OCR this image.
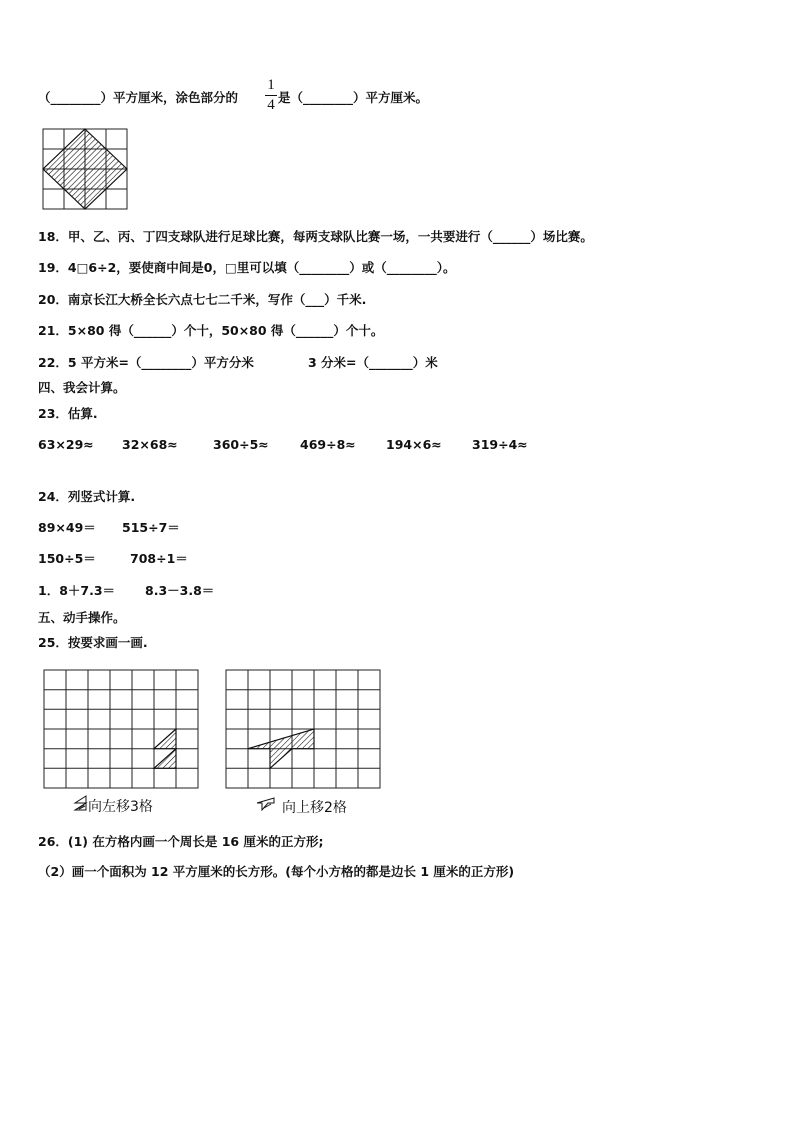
（________）平方厘米，涂色部分的
1
4 是（________）平方厘米。
18．甲、乙、丙、丁四支球队进行足球比赛，每两支球队比赛一场，一共要进行（______）场比赛。
19．4□6÷2，要使商中间是0，□里可以填（________）或（________）。
20．南京长江大桥全长六点七七二千米，写作（___）千米.
21．5×80 得（______）个十，50×80 得（______）个十。
22．5 平方米=（________）平方分米	3 分米=（_______）米
四、我会计算。
23．估算.
63×29≈ 32×68≈	360÷5≈	469÷8≈ 194×6≈ 319÷4≈
24．列竖式计算.
89×49＝ 515÷7＝
150÷5＝	708÷1＝
1．8＋7.3＝ 8.3－3.8＝
五、动手操作。
25．按要求画一画.
向左移3格	向上移2格
26．(1) 在方格内画一个周长是 16 厘米的正方形;
（2）画一个面积为 12 平方厘米的长方形。(每个小方格的都是边长 1 厘米的正方形)
